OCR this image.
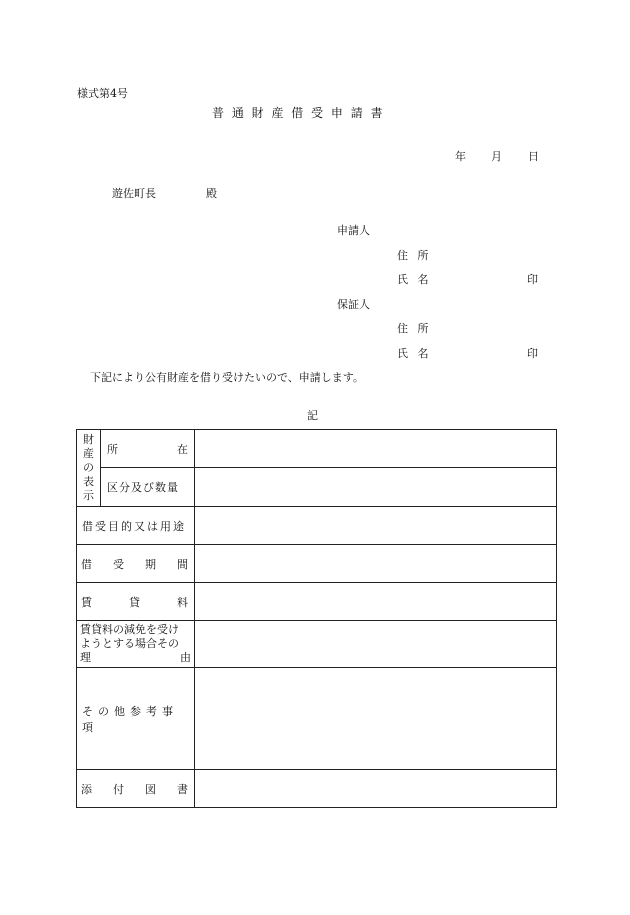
様式第4号
普 通 財 産 借 受 申 請 書
年 月 日
遊佐町長	殿
申請人
住 所
氏 名	印
保証人
住 所
氏 名	印
下記により公有財産を借り受けたいので、申請します。
記
財産の表示	所 在	

	区分及び数量	

借受目的又は用途		

借 受 期 間		

賃 貸 料		

賃貸料の減免を受け
ようとする場合その
理 由		

その他参考事項		

添 付 図 書		
